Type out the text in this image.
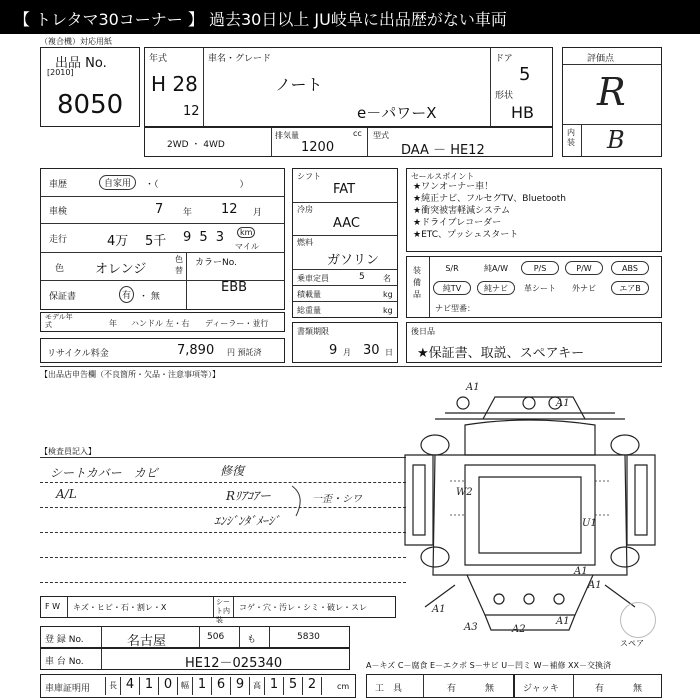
【 トレタマ30コーナー 】 過去30日以上 JU岐阜に出品歴がない車両
（複合機）対応用紙
出品 No.
[2010]
8050
年式
H 28
12
車名・グレード
ノート
e－パワーX
ドア
5
形状
HB
評価点
R
内装 B
2WD ・ 4WD
排気量	cc
1200
型式
DAA － HE12
車歴	自家用	・（　　　　　　　　　）
車検	7 年 12 月
走行	4万 5千 9 5 3	km
マイル
色 オレンジ
色替
カラーNo.
EBB
保証書	有 ・ 無
モデル年式	年 ハンドル 左・右 ディーラー・並行
リサイクル料金	7,890 円 預託済
シフト
FAT
冷房
AAC
燃料
ガソリン
乗車定員	5 名
積載量	kg
総重量	kg
書類期限
9 月 30 日
セールスポイント
★ワンオーナー車！
★純正ナビ、フルセグTV、Bluetooth
★衝突被害軽減システム
★ドライブレコーダー
★ETC、プッシュスタート
装備品
S/R	純A/W	P/S	P/W	ABS
純TV	純ナビ	革シート	外ナビ	エアB
ナビ型番：
後日品
★保証書、取説、スペアキー
【出品店申告欄（不良箇所・欠品・注意事項等）】
【検査員記入】
シートカバー　カビ
A/L
修復
Rﾘｱｺｱー
ｴﾝｼﾞﾝﾀﾞﾒｰｼﾞ
一歪・シワ
A1
A1
W2
U1
A1
A1
A1
A3	A2
A1
スペア
F W キズ・ヒビ・石・割レ・X
シート内装
コゲ・穴・汚レ・シミ・破レ・スレ
登 録 No.	名古屋	506	も	5830
車 台 No.	HE12－025340	A－キズ C－腐食 E－エクボ S－サビ U－凹ミ W－補修 XX－交換済
車庫証明用	長 4 1 0	幅 1 6 9	高 1 5 2	cm	工　具	有	無	ジャッキ	有	無
